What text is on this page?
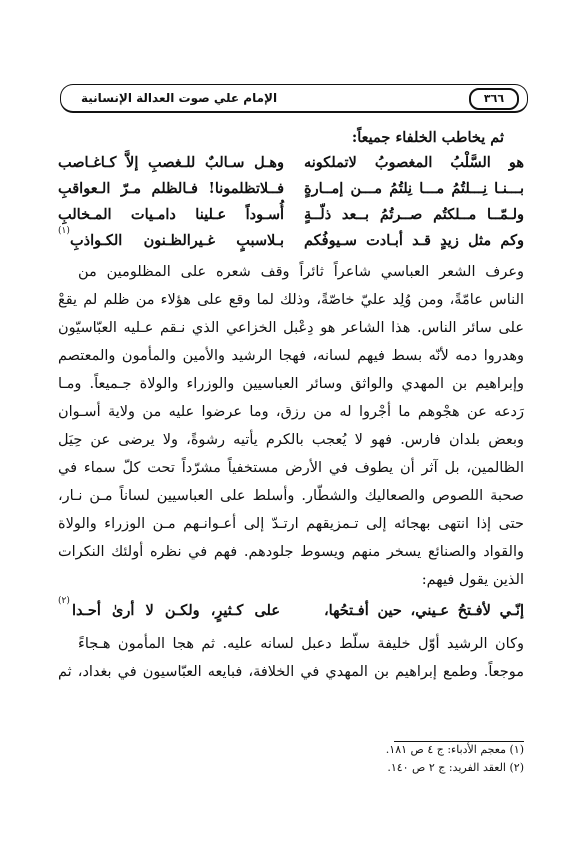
٣٦٦
الإمام علي صوت العدالة الإنسانية
ثم يخاطب الخلفاء جميعاً:
هو السَّلْبُ المغصوبُ لاتملكونه
وهـل سـالبٌ للـغصبِ إلاَّ كـاغـاصب
بـــنـا نِـــلتُمُ مـــا نِلتُمُ مـــن إمــارةٍ
فــلاتظلمونا! فـالظلم مـرّ الـعواقبِ
ولـمّــا مــلكتُم صــرتُمُ بــعد ذلّــةٍ
أُسـوداً عـلينا دامـيات المـخالبِ
وكم مثل زيدٍ قـد أبـادت سـيوفُكم
بـلاسببٍ غـيرالظـنون الكـواذبِ
(١)
وعرف الشعر العباسي شاعراً ثائراً وقف شعره على المظلومين من
الناس عامّةً، ومن وُلِد عليّ خاصّةً، وذلك لما وقع على هؤلاء من ظلم لم يقعْ
على سائر الناس. هذا الشاعر هو دِعْبل الخزاعي الذي نـقم عـليه العبّاسيّون
وهدروا دمه لأنّه بسط فيهم لسانه، فهجا الرشيد والأمين والمأمون والمعتصم
وإبراهيم بن المهدي والواثق وسائر العباسيين والوزراء والولاة جـميعاً. ومـا
رَدعه عن هجْوهم ما أجْروا له من رزق، وما عرضوا عليه من ولاية أسـوان
وبعض بلدان فارس. فهو لا يُعجب بالكرم يأتيه رشوةً، ولا يرضى عن حِيَل
الظالمين، بل آثر أن يطوف في الأرض مستخفياً مشرّداً تحت كلّ سماء في
صحبة اللصوص والصعاليك والشطّار. وأسلط على العباسيين لساناً مـن نـار،
حتى إذا انتهى بهجائه إلى تـمزيقهم ارتـدّ إلى أعـوانـهم مـن الوزراء والولاة
والقواد والصنائع يسخر منهم ويسوط جلودهم. فهم في نظره أولئك النكرات
الذين يقول فيهم:
إنّـي لأفـتحُ عـيني، حين أفـتحُها،
على كـثيرٍ، ولكـن لا أرىٰ أحـدا
(٢)
وكان الرشيد أوّل خليفة سلّط دعبل لسانه عليه. ثم هجا المأمون هـجاءً
موجعاً. وطمع إبراهيم بن المهدي في الخلافة، فبايعه العبّاسيون في بغداد، ثم
(١) معجم الأدباء: ج ٤ ص ١٨١.
(٢) العقد الفريد: ج ٢ ص ١٤٠.
